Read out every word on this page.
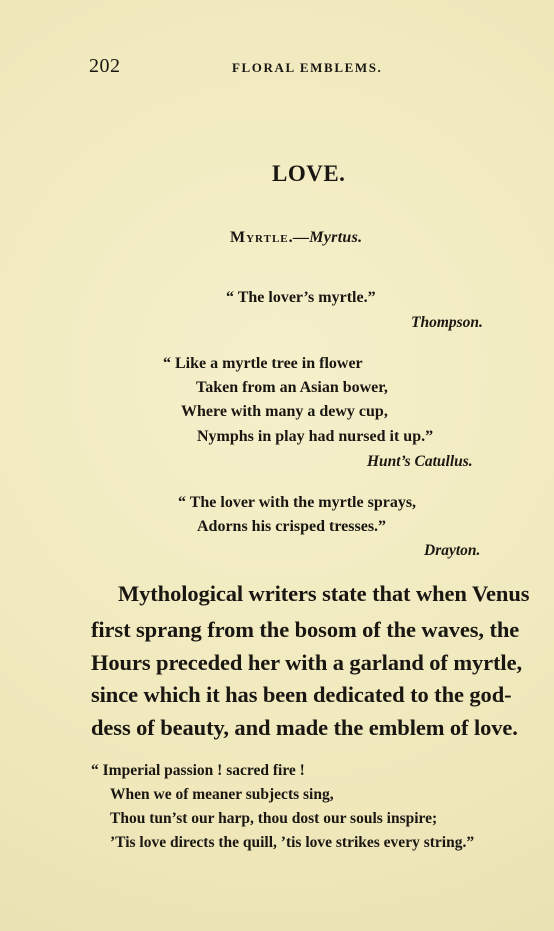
202	FLORAL EMBLEMS.
LOVE.
Myrtle.—Myrtus.
“ The lover’s myrtle.”
Thompson.
“ Like a myrtle tree in flower
Taken from an Asian bower,
Where with many a dewy cup,
Nymphs in play had nursed it up.”
Hunt’s Catullus.
“ The lover with the myrtle sprays,
Adorns his crisped tresses.”
Drayton.
Mythological writers state that when Venus
first sprang from the bosom of the waves, the
Hours preceded her with a garland of myrtle,
since which it has been dedicated to the god-
dess of beauty, and made the emblem of love.
“ Imperial passion ! sacred fire !
When we of meaner subjects sing,
Thou tun’st our harp, thou dost our souls inspire;
’Tis love directs the quill, ’tis love strikes every string.”
